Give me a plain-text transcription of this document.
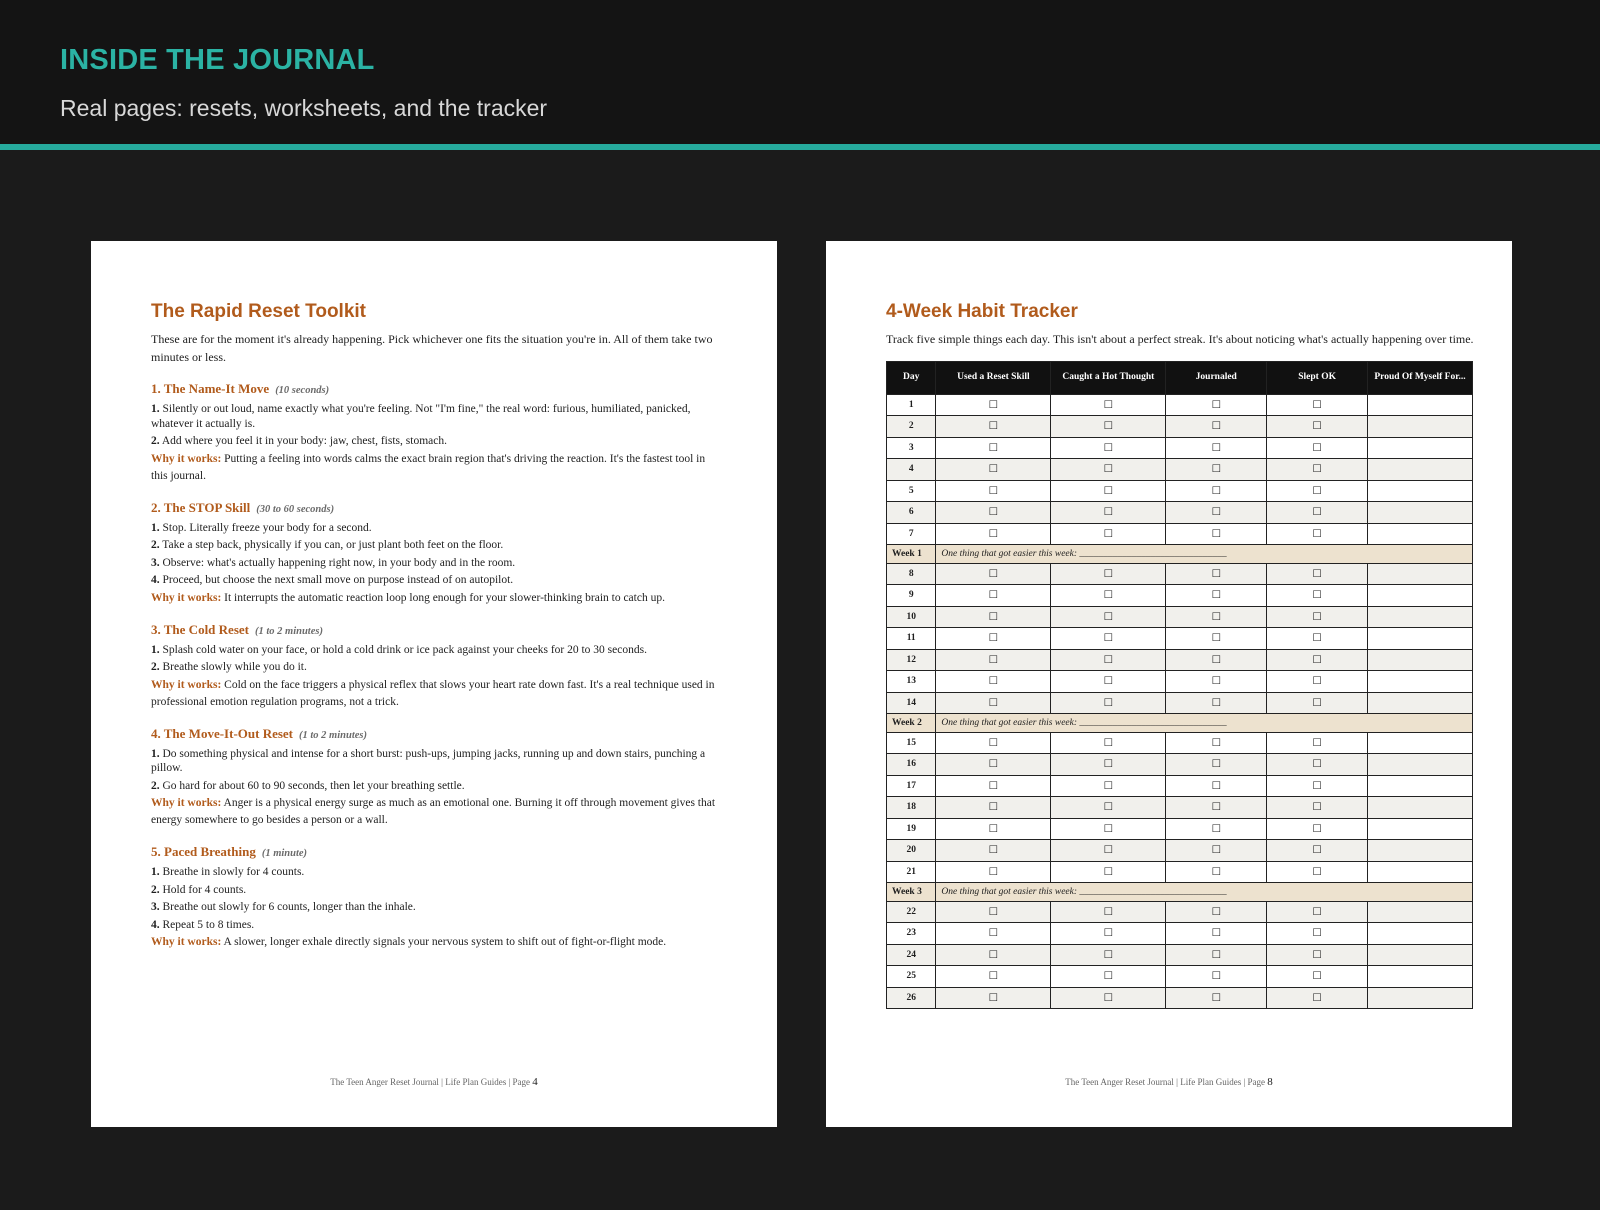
INSIDE THE JOURNAL
Real pages: resets, worksheets, and the tracker
The Rapid Reset Toolkit
These are for the moment it's already happening. Pick whichever one fits the situation you're in. All of them take two minutes or less.
1. The Name-It Move (10 seconds)
1. Silently or out loud, name exactly what you're feeling. Not "I'm fine," the real word: furious, humiliated, panicked, whatever it actually is.
2. Add where you feel it in your body: jaw, chest, fists, stomach.
Why it works: Putting a feeling into words calms the exact brain region that's driving the reaction. It's the fastest tool in this journal.
2. The STOP Skill (30 to 60 seconds)
1. Stop. Literally freeze your body for a second.
2. Take a step back, physically if you can, or just plant both feet on the floor.
3. Observe: what's actually happening right now, in your body and in the room.
4. Proceed, but choose the next small move on purpose instead of on autopilot.
Why it works: It interrupts the automatic reaction loop long enough for your slower-thinking brain to catch up.
3. The Cold Reset (1 to 2 minutes)
1. Splash cold water on your face, or hold a cold drink or ice pack against your cheeks for 20 to 30 seconds.
2. Breathe slowly while you do it.
Why it works: Cold on the face triggers a physical reflex that slows your heart rate down fast. It's a real technique used in professional emotion regulation programs, not a trick.
4. The Move-It-Out Reset (1 to 2 minutes)
1. Do something physical and intense for a short burst: push-ups, jumping jacks, running up and down stairs, punching a pillow.
2. Go hard for about 60 to 90 seconds, then let your breathing settle.
Why it works: Anger is a physical energy surge as much as an emotional one. Burning it off through movement gives that energy somewhere to go besides a person or a wall.
5. Paced Breathing (1 minute)
1. Breathe in slowly for 4 counts.
2. Hold for 4 counts.
3. Breathe out slowly for 6 counts, longer than the inhale.
4. Repeat 5 to 8 times.
Why it works: A slower, longer exhale directly signals your nervous system to shift out of fight-or-flight mode.
The Teen Anger Reset Journal | Life Plan Guides | Page 4
4-Week Habit Tracker
Track five simple things each day. This isn't about a perfect streak. It's about noticing what's actually happening over time.
Day	Used a Reset Skill	Caught a Hot Thought	Journaled	Slept OK	Proud Of Myself For...
1	☐	☐	☐	☐	
2	☐	☐	☐	☐	
3	☐	☐	☐	☐	
4	☐	☐	☐	☐	
5	☐	☐	☐	☐	
6	☐	☐	☐	☐	
7	☐	☐	☐	☐	
Week 1	One thing that got easier this week: _______________________________				
8	☐	☐	☐	☐	
9	☐	☐	☐	☐	
10	☐	☐	☐	☐	
11	☐	☐	☐	☐	
12	☐	☐	☐	☐	
13	☐	☐	☐	☐	
14	☐	☐	☐	☐	
Week 2	One thing that got easier this week: _______________________________				
15	☐	☐	☐	☐	
16	☐	☐	☐	☐	
17	☐	☐	☐	☐	
18	☐	☐	☐	☐	
19	☐	☐	☐	☐	
20	☐	☐	☐	☐	
21	☐	☐	☐	☐	
Week 3	One thing that got easier this week: _______________________________				
22	☐	☐	☐	☐	
23	☐	☐	☐	☐	
24	☐	☐	☐	☐	
25	☐	☐	☐	☐	
26	☐	☐	☐	☐	
The Teen Anger Reset Journal | Life Plan Guides | Page 8
